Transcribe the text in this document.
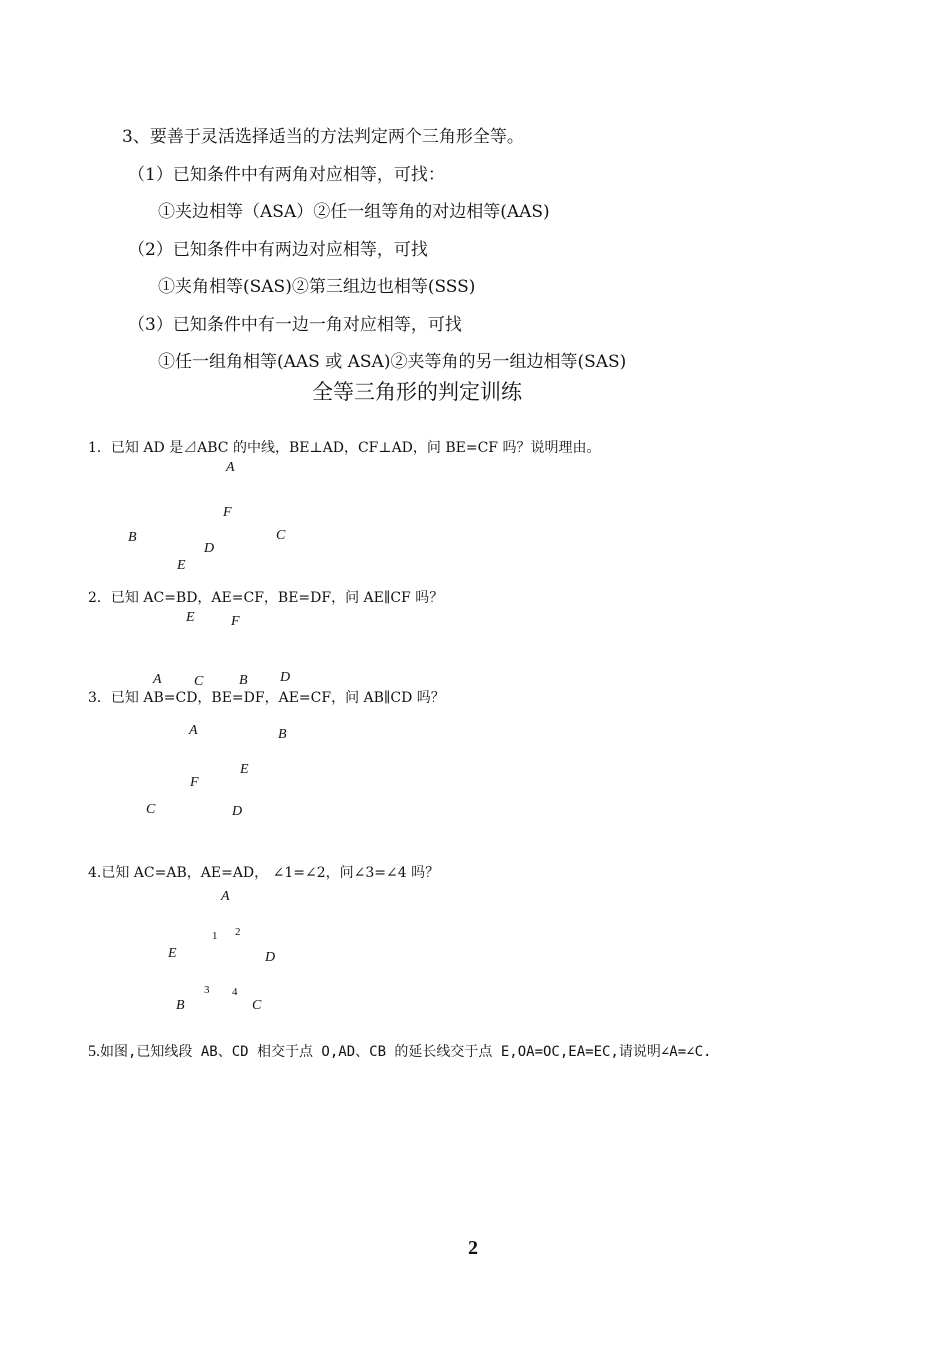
3、要善于灵活选择适当的方法判定两个三角形全等。
（1）已知条件中有两角对应相等，可找：
①夹边相等（ASA）②任一组等角的对边相等(AAS)
（2）已知条件中有两边对应相等，可找
①夹角相等(SAS)②第三组边也相等(SSS)
（3）已知条件中有一边一角对应相等，可找
①任一组角相等(AAS 或 ASA)②夹等角的另一组边相等(SAS)
全等三角形的判定训练
1．已知 AD 是⊿ABC 的中线，BE⊥AD，CF⊥AD，问 BE=CF 吗？说明理由。
A
F
B	C
D
E
2．已知 AC=BD，AE=CF，BE=DF，问 AE∥CF 吗？
E	F
A C	B D
3．已知 AB=CD，BE=DF，AE=CF，问 AB∥CD 吗？
A	B
E
F
C	D
4.已知 AC=AB，AE=AD， ∠1=∠2，问∠3=∠4 吗？
A
1 2
E	D
3 4
B	C
5.如图,已知线段 AB、CD 相交于点 O,AD、CB 的延长线交于点 E,OA=OC,EA=EC,请说明∠A=∠C.
2
